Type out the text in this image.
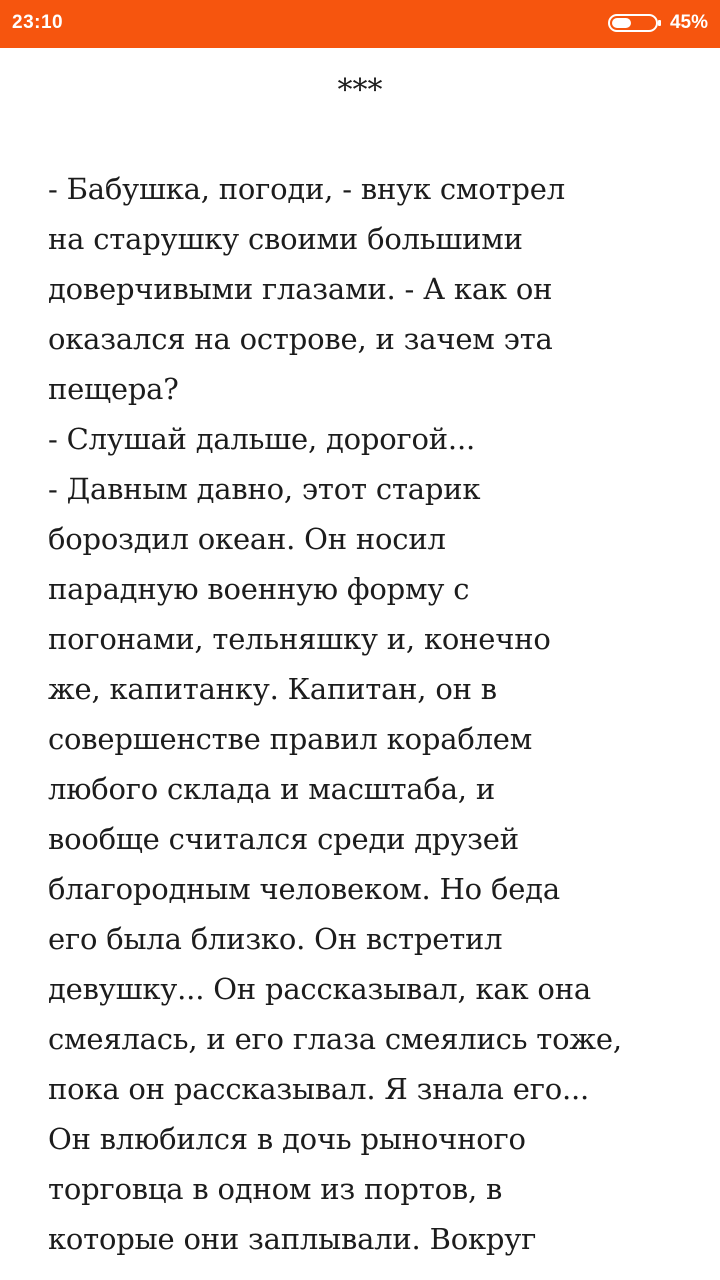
23:10	45%
***
- Бабушка, погоди, - внук смотрел
на старушку своими большими
доверчивыми глазами. - А как он
оказался на острове, и зачем эта
пещера?
- Слушай дальше, дорогой...
- Давным давно, этот старик
бороздил океан. Он носил
парадную военную форму с
погонами, тельняшку и, конечно
же, капитанку. Капитан, он в
совершенстве правил кораблем
любого склада и масштаба, и
вообще считался среди друзей
благородным человеком. Но беда
его была близко. Он встретил
девушку... Он рассказывал, как она
смеялась, и его глаза смеялись тоже,
пока он рассказывал. Я знала его...
Он влюбился в дочь рыночного
торговца в одном из портов, в
которые они заплывали. Вокруг
